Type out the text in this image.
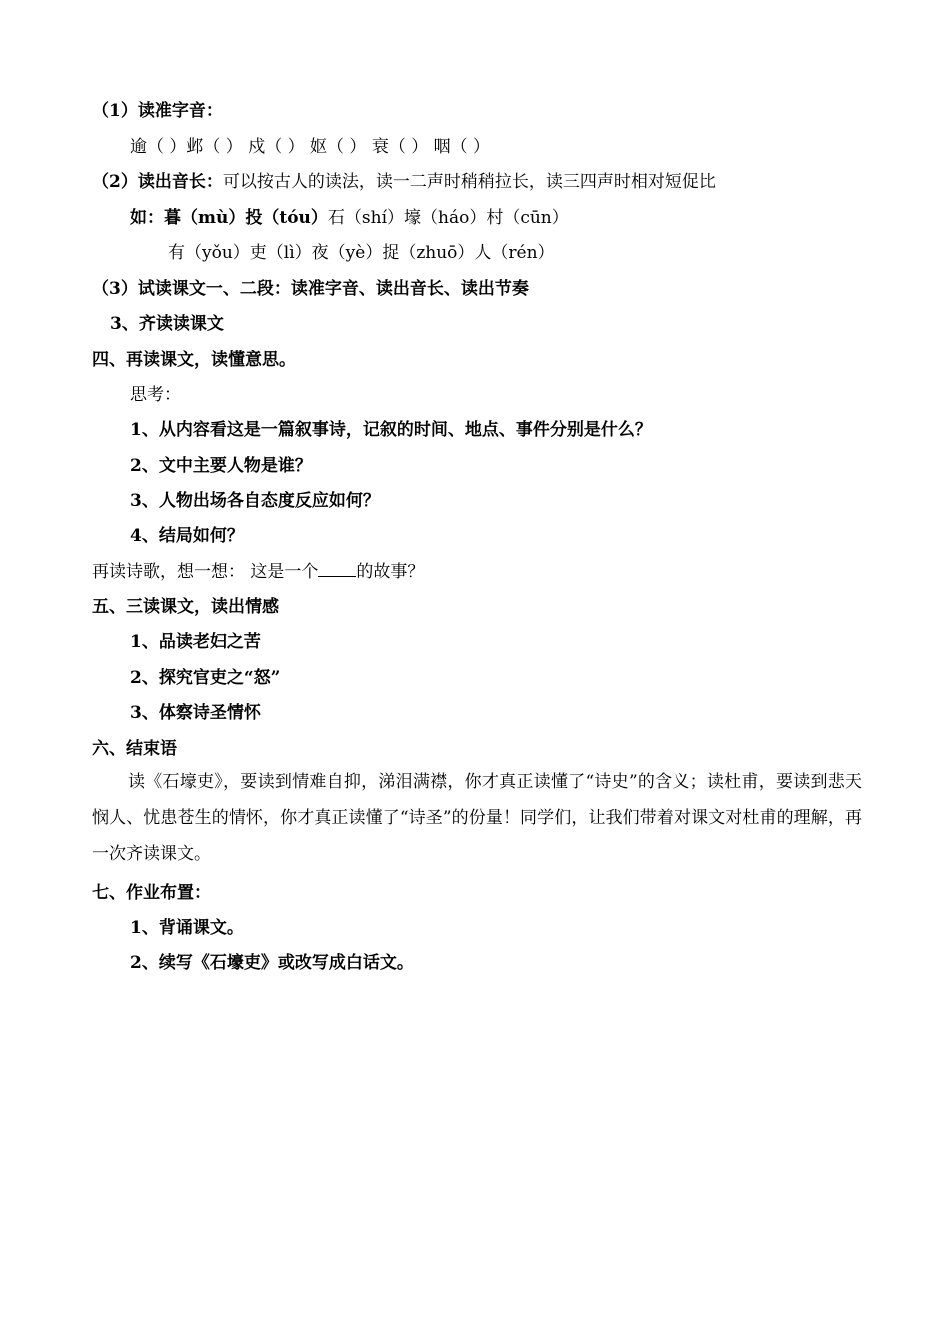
（1）读准字音：
逾（ ）邺（ ） 戍（ ） 妪（ ） 衰（ ） 咽（ ）
（2）读出音长：可以按古人的读法，读一二声时稍稍拉长，读三四声时相对短促比
如：暮（mù）投（tóu）石（shí）壕（háo）村（cūn）
有（yǒu）吏（lì）夜（yè）捉（zhuō）人（rén）
（3）试读课文一、二段：读准字音、读出音长、读出节奏
3、齐读读课文
四、再读课文，读懂意思。
思考：
1、从内容看这是一篇叙事诗，记叙的时间、地点、事件分别是什么？
2、文中主要人物是谁？
3、人物出场各自态度反应如何？
4、结局如何？
再读诗歌，想一想： 这是一个 的故事？
五、三读课文，读出情感
1、品读老妇之苦
2、探究官吏之“怒”
3、体察诗圣情怀
六、结束语
读《石壕吏》，要读到情难自抑，涕泪满襟，你才真正读懂了“诗史”的含义；读杜甫，要读到悲天悯人、忧患苍生的情怀，你才真正读懂了“诗圣”的份量！同学们，让我们带着对课文对杜甫的理解，再一次齐读课文。
七、作业布置：
1、背诵课文。
2、续写《石壕吏》或改写成白话文。
